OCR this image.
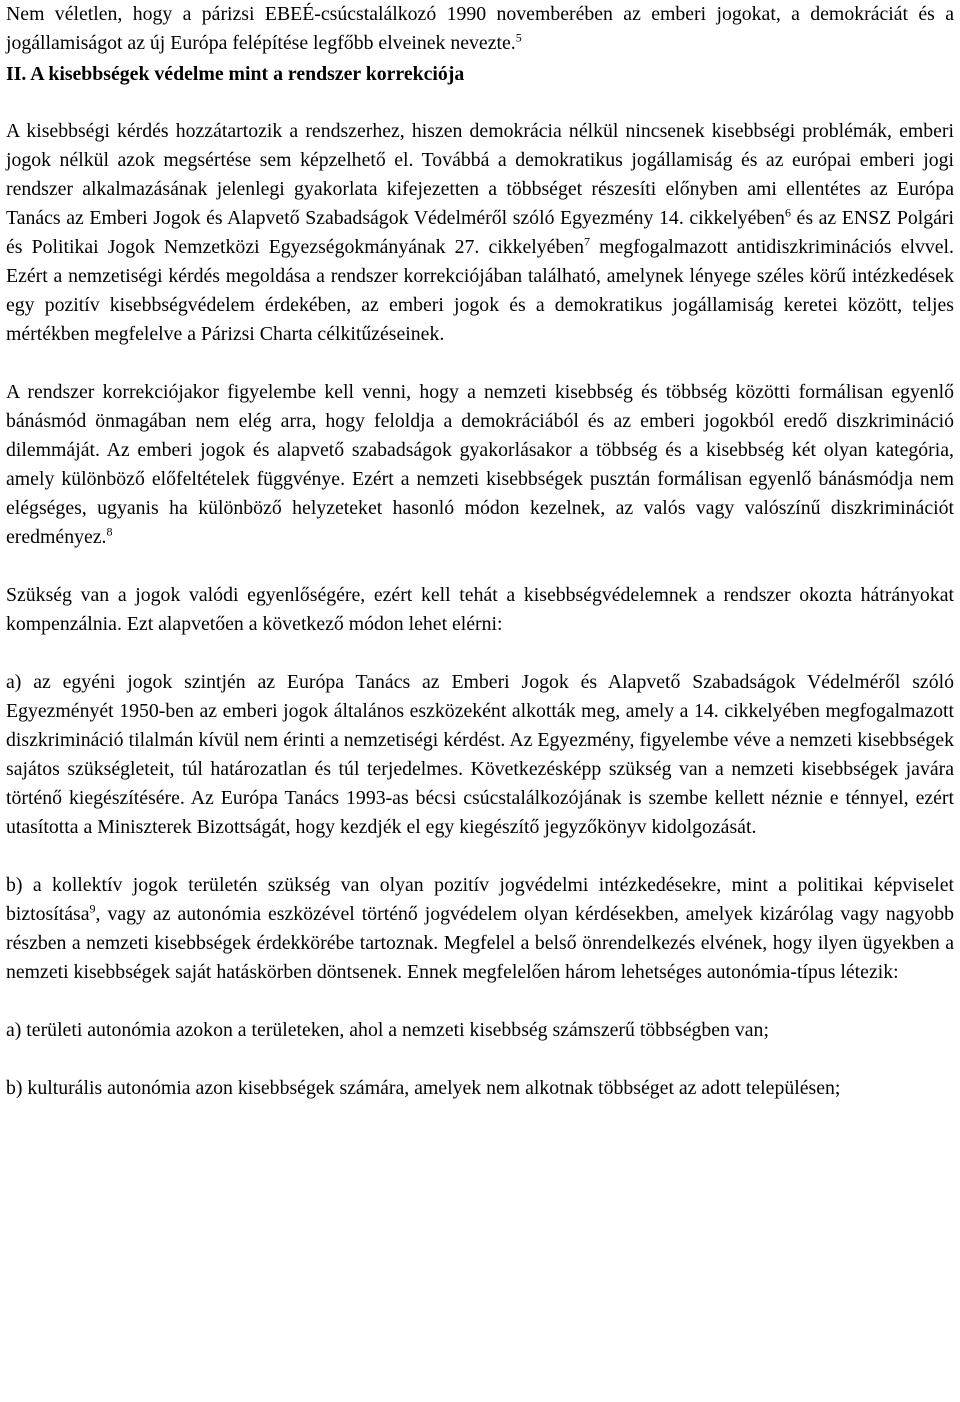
Nem véletlen, hogy a párizsi EBEÉ-csúcstalálkozó 1990 novemberében az emberi jogokat, a demokráciát és a jogállamiságot az új Európa felépítése legfőbb elveinek nevezte.$^5$

II. A kisebbségek védelme mint a rendszer korrekciója

A kisebbségi kérdés hozzátartozik a rendszerhez, hiszen demokrácia nélkül nincsenek kisebbségi problémák, emberi jogok nélkül azok megsértése sem képzelhető el. Továbbá a demokratikus jogállamiság és az európai emberi jogi rendszer alkalmazásának jelenlegi gyakorlata kifejezetten a többséget részesíti előnyben ami ellentétes az Európa Tanács az Emberi Jogok és Alapvető Szabadságok Védelméről szóló Egyezmény 14. cikkelyében$^6$ és az ENSZ Polgári és Politikai Jogok Nemzetközi Egyezségokmányának 27. cikkelyében$^7$ megfogalmazott antidiszkriminációs elvvel. Ezért a nemzetiségi kérdés megoldása a rendszer korrekciójában található, amelynek lényege széles körű intézkedések egy pozitív kisebbségvédelem érdekében, az emberi jogok és a demokratikus jogállamiság keretei között, teljes mértékben megfelelve a Párizsi Charta célkitűzéseinek.

A rendszer korrekciójakor figyelembe kell venni, hogy a nemzeti kisebbség és többség közötti formálisan egyenlő bánásmód önmagában nem elég arra, hogy feloldja a demokráciából és az emberi jogokból eredő diszkrimináció dilemmáját. Az emberi jogok és alapvető szabadságok gyakorlásakor a többség és a kisebbség két olyan kategória, amely különböző előfeltételek függvénye. Ezért a nemzeti kisebbségek pusztán formálisan egyenlő bánásmódja nem elégséges, ugyanis ha különböző helyzeteket hasonló módon kezelnek, az valós vagy valószínű diszkriminációt eredményez.$^8$

Szükség van a jogok valódi egyenlőségére, ezért kell tehát a kisebbségvédelemnek a rendszer okozta hátrányokat kompenzálnia. Ezt alapvetően a következő módon lehet elérni:

a) az egyéni jogok szintjén az Európa Tanács az Emberi Jogok és Alapvető Szabadságok Védelméről szóló Egyezményét 1950-ben az emberi jogok általános eszközeként alkották meg, amely a 14. cikkelyében megfogalmazott diszkrimináció tilalmán kívül nem érinti a nemzetiségi kérdést. Az Egyezmény, figyelembe véve a nemzeti kisebbségek sajátos szükségleteit, túl határozatlan és túl terjedelmes. Következésképp szükség van a nemzeti kisebbségek javára történő kiegészítésére. Az Európa Tanács 1993-as bécsi csúcstalálkozójának is szembe kellett néznie e ténnyel, ezért utasította a Miniszterek Bizottságát, hogy kezdjék el egy kiegészítő jegyzőkönyv kidolgozását.

b) a kollektív jogok területén szükség van olyan pozitív jogvédelmi intézkedésekre, mint a politikai képviselet biztosítása$^9$, vagy az autonómia eszközével történő jogvédelem olyan kérdésekben, amelyek kizárólag vagy nagyobb részben a nemzeti kisebbségek érdekkörébe tartoznak. Megfelel a belső önrendelkezés elvének, hogy ilyen ügyekben a nemzeti kisebbségek saját hatáskörben döntsenek. Ennek megfelelően három lehetséges autonómia-típus létezik:

a) területi autonómia azokon a területeken, ahol a nemzeti kisebbség számszerű többségben van;

b) kulturális autonómia azon kisebbségek számára, amelyek nem alkotnak többséget az adott településen;
